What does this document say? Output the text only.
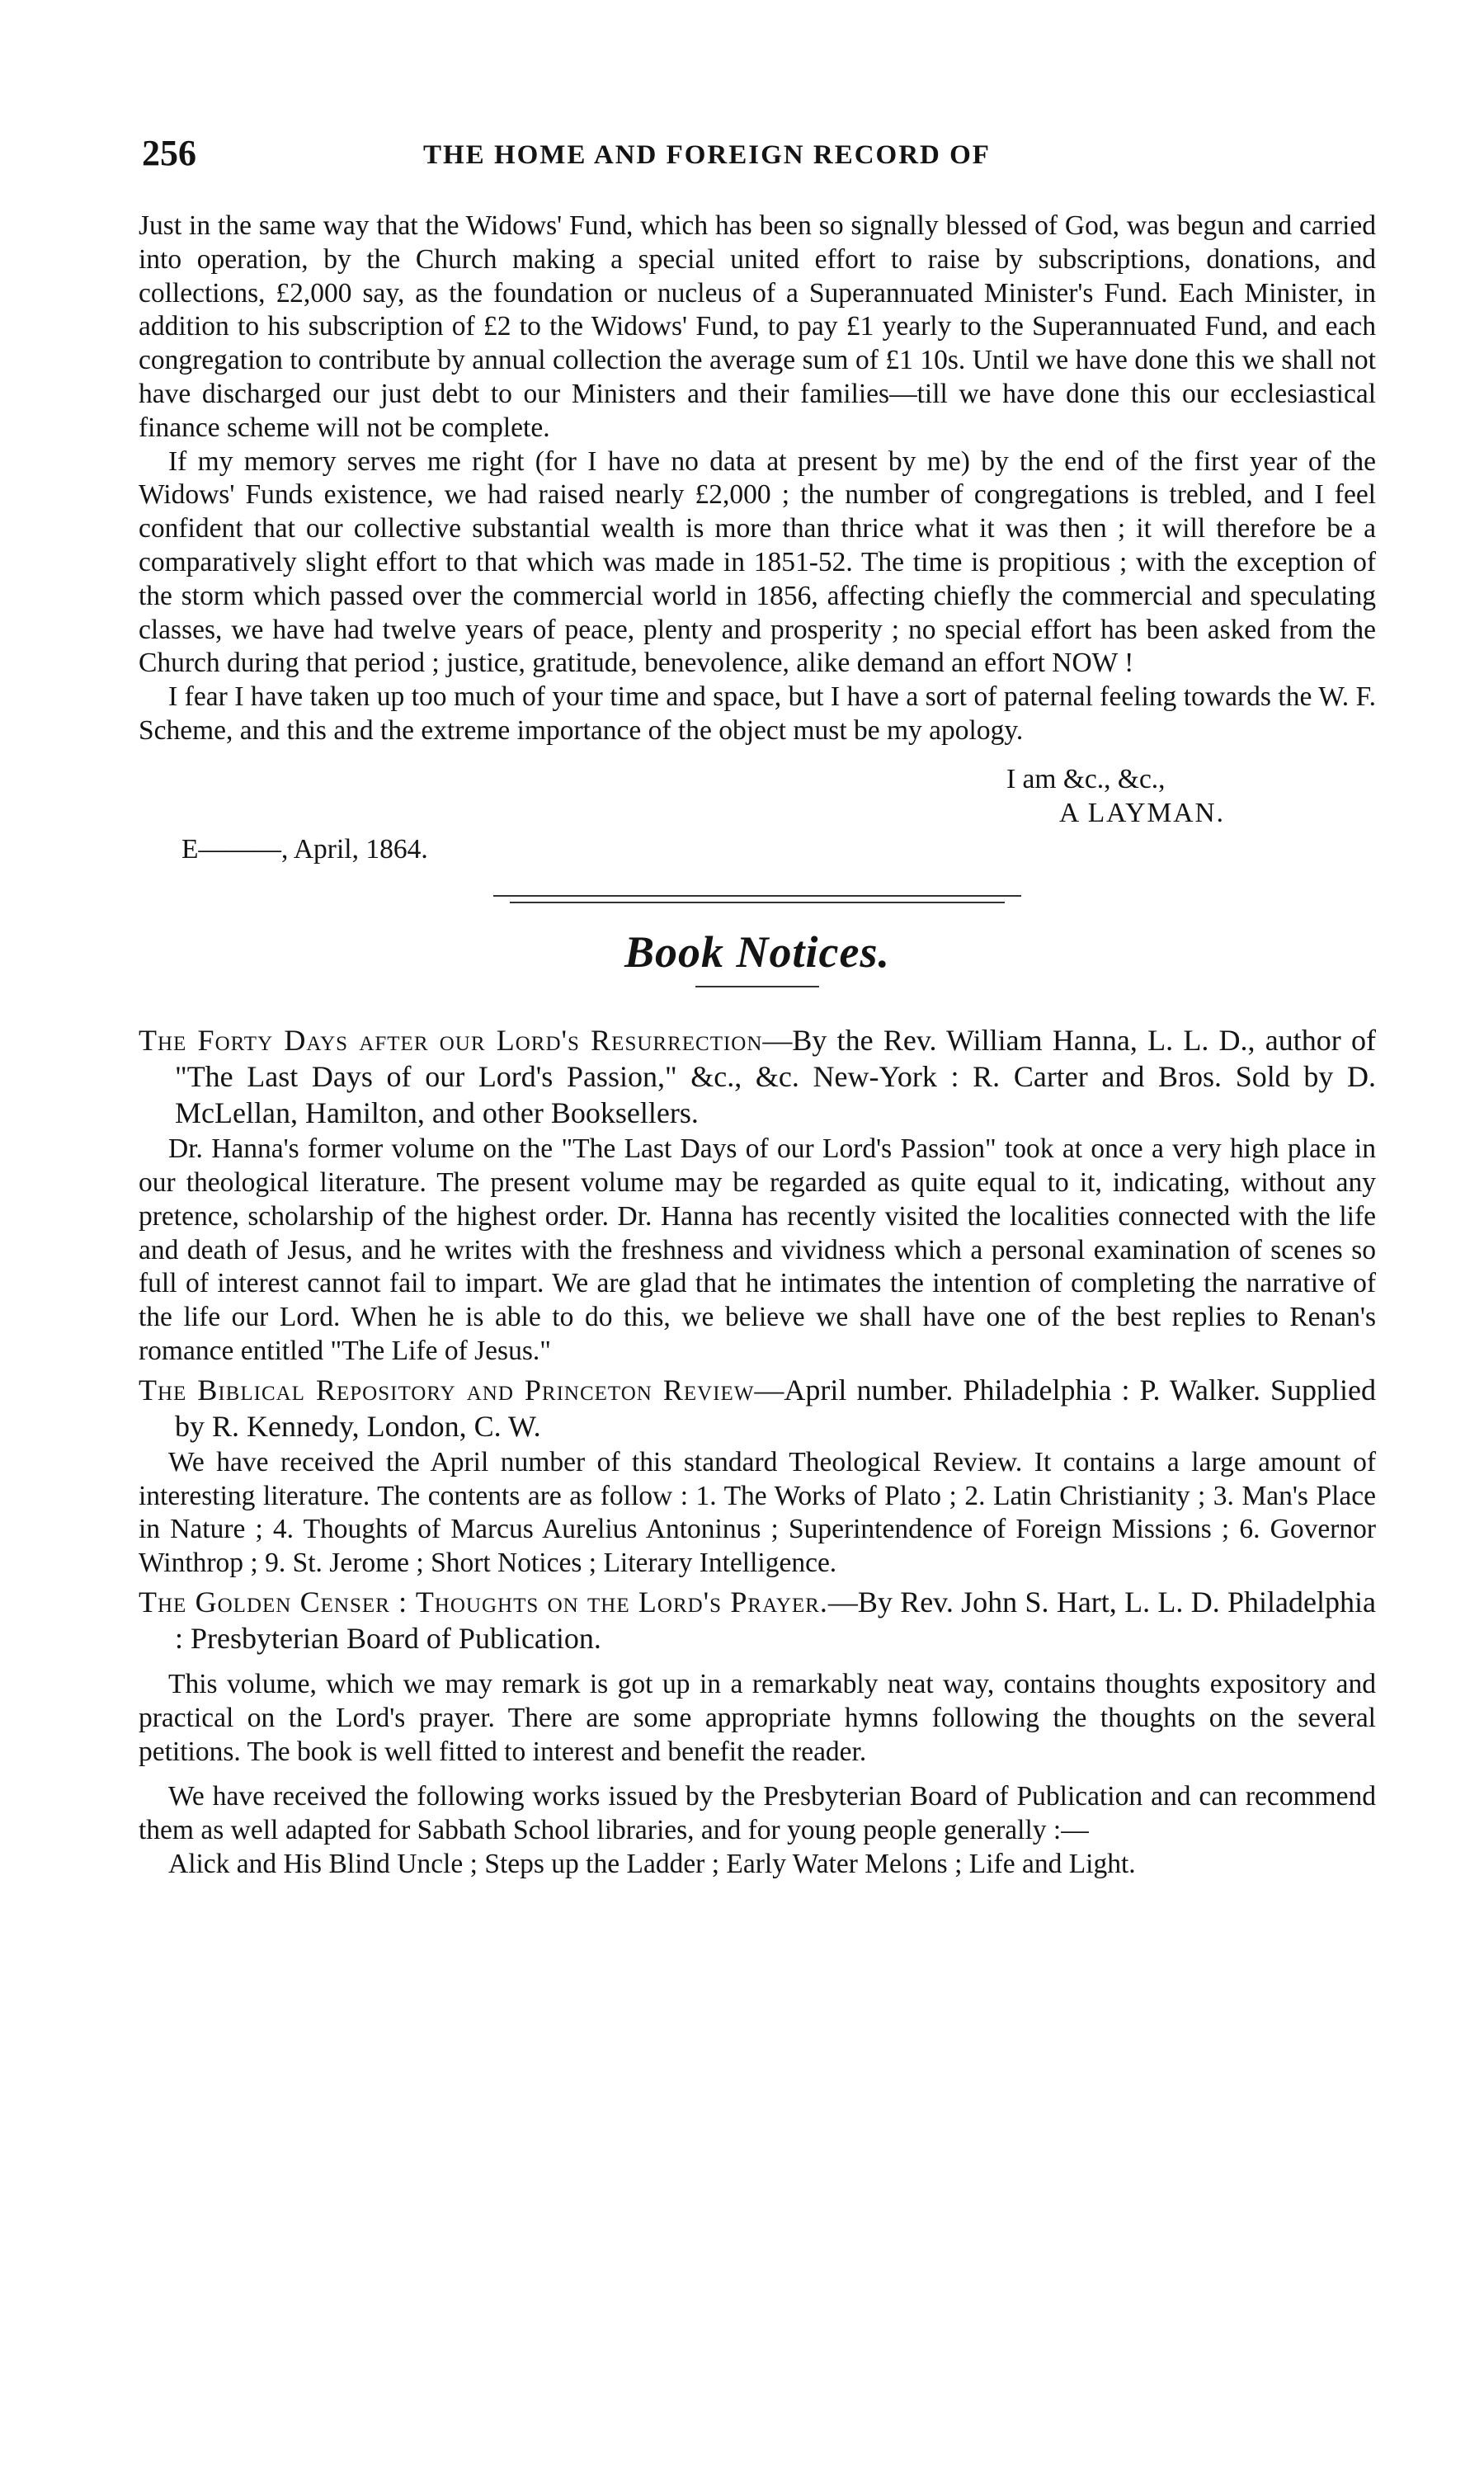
256	THE HOME AND FOREIGN RECORD OF

Just in the same way that the Widows' Fund, which has been so signally blessed of God, was begun and carried into operation, by the Church making a special united effort to raise by subscriptions, donations, and collections, £2,000 say, as the foundation or nucleus of a Superannuated Minister's Fund. Each Minister, in addition to his subscription of £2 to the Widows' Fund, to pay £1 yearly to the Superannuated Fund, and each congregation to contribute by annual collection the average sum of £1 10s. Until we have done this we shall not have discharged our just debt to our Ministers and their families—till we have done this our ecclesiastical finance scheme will not be complete.

If my memory serves me right (for I have no data at present by me) by the end of the first year of the Widows' Funds existence, we had raised nearly £2,000 ; the number of congregations is trebled, and I feel confident that our collective substantial wealth is more than thrice what it was then ; it will therefore be a comparatively slight effort to that which was made in 1851-52. The time is propitious ; with the exception of the storm which passed over the commercial world in 1856, affecting chiefly the commercial and speculating classes, we have had twelve years of peace, plenty and prosperity ; no special effort has been asked from the Church during that period ; justice, gratitude, benevolence, alike demand an effort NOW !

I fear I have taken up too much of your time and space, but I have a sort of paternal feeling towards the W. F. Scheme, and this and the extreme importance of the object must be my apology.

I am &c., &c.,
A LAYMAN.
E———, April, 1864.
Book Notices.
The Forty Days after our Lord's Resurrection—By the Rev. William Hanna, L. L. D., author of "The Last Days of our Lord's Passion," &c., &c. New-York : R. Carter and Bros. Sold by D. McLellan, Hamilton, and other Booksellers.

Dr. Hanna's former volume on the "The Last Days of our Lord's Passion" took at once a very high place in our theological literature. The present volume may be regarded as quite equal to it, indicating, without any pretence, scholarship of the highest order. Dr. Hanna has recently visited the localities connected with the life and death of Jesus, and he writes with the freshness and vividness which a personal examination of scenes so full of interest cannot fail to impart. We are glad that he intimates the intention of completing the narrative of the life our Lord. When he is able to do this, we believe we shall have one of the best replies to Renan's romance entitled "The Life of Jesus."

The Biblical Repository and Princeton Review—April number. Philadelphia : P. Walker. Supplied by R. Kennedy, London, C. W.

We have received the April number of this standard Theological Review. It contains a large amount of interesting literature. The contents are as follow : 1. The Works of Plato ; 2. Latin Christianity ; 3. Man's Place in Nature ; 4. Thoughts of Marcus Aurelius Antoninus ; Superintendence of Foreign Missions ; 6. Governor Winthrop ; 9. St. Jerome ; Short Notices ; Literary Intelligence.

The Golden Censer : Thoughts on the Lord's Prayer.—By Rev. John S. Hart, L. L. D. Philadelphia : Presbyterian Board of Publication.

This volume, which we may remark is got up in a remarkably neat way, contains thoughts expository and practical on the Lord's prayer. There are some appropriate hymns following the thoughts on the several petitions. The book is well fitted to interest and benefit the reader.

We have received the following works issued by the Presbyterian Board of Publication and can recommend them as well adapted for Sabbath School libraries, and for young people generally :—

Alick and His Blind Uncle ; Steps up the Ladder ; Early Water Melons ; Life and Light.
